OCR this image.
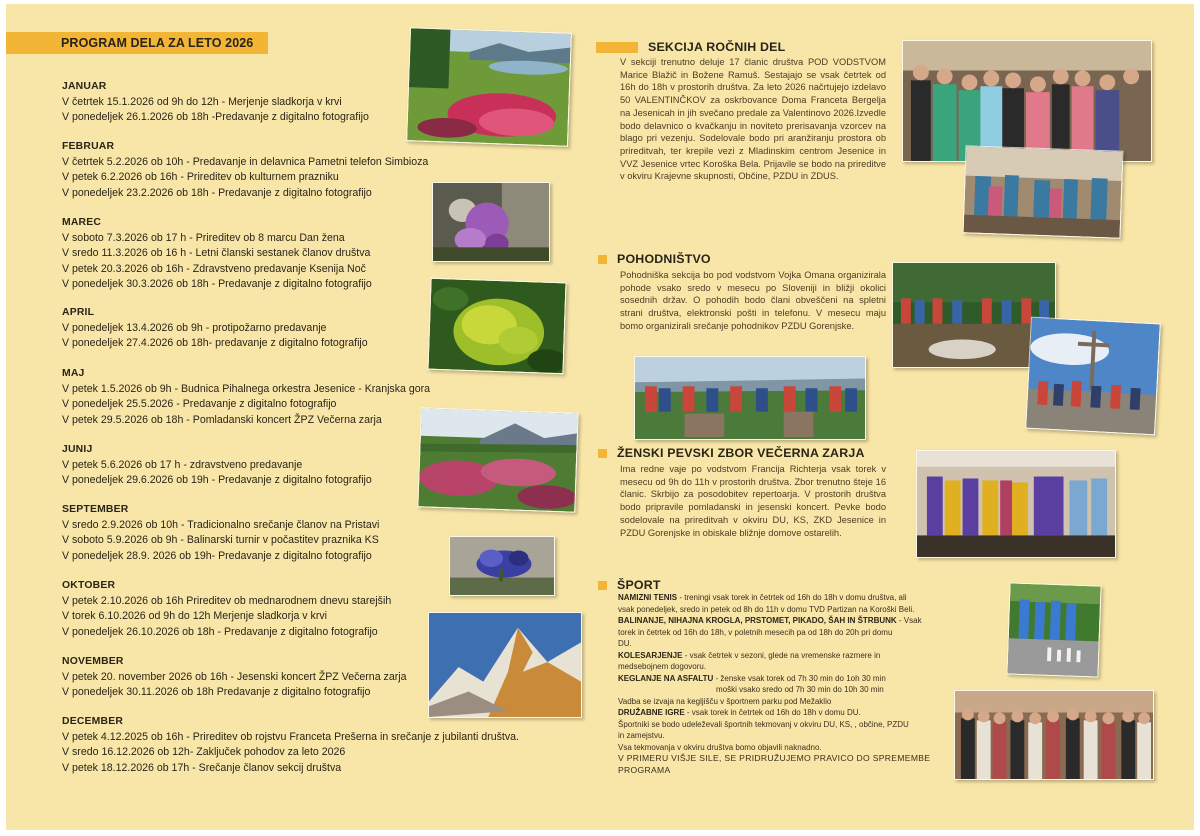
PROGRAM DELA ZA LETO 2026
JANUAR
V četrtek 15.1.2026 od 9h do 12h - Merjenje sladkorja v krvi
V ponedeljek 26.1.2026 ob 18h -Predavanje z digitalno fotografijo
FEBRUAR
V četrtek 5.2.2026 ob 10h - Predavanje in delavnica Pametni telefon Simbioza
V petek 6.2.2026 ob 16h - Prireditev ob kulturnem prazniku
V ponedeljek 23.2.2026 ob 18h - Predavanje z digitalno fotografijo
MAREC
V soboto 7.3.2026 ob 17 h - Prireditev ob 8 marcu Dan žena
V sredo 11.3.2026 ob 16 h - Letni članski sestanek članov društva
V petek 20.3.2026 ob 16h - Zdravstveno predavanje Ksenija Noč
V ponedeljek 30.3.2026 ob 18h - Predavanje z digitalno fotografijo
APRIL
V ponedeljek 13.4.2026 ob 9h - protipožarno predavanje
V ponedeljek 27.4.2026 ob 18h- predavanje z digitalno fotografijo
MAJ
V petek 1.5.2026 ob 9h - Budnica Pihalnega orkestra Jesenice - Kranjska gora
V ponedeljek 25.5.2026 - Predavanje z digitalno fotografijo
V petek 29.5.2026 ob 18h - Pomladanski koncert ŽPZ Večerna zarja
JUNIJ
V petek 5.6.2026 ob 17 h - zdravstveno predavanje
V ponedeljek 29.6.2026 ob 19h - Predavanje z digitalno fotografijo
SEPTEMBER
V sredo 2.9.2026 ob 10h - Tradicionalno srečanje članov na Pristavi
V soboto 5.9.2026 ob 9h - Balinarski turnir v počastitev praznika KS
V ponedeljek 28.9. 2026 ob 19h- Predavanje z digitalno fotografijo
OKTOBER
V petek 2.10.2026 ob 16h Prireditev ob mednarodnem dnevu starejših
V torek 6.10.2026 od 9h do 12h Merjenje sladkorja v krvi
V ponedeljek 26.10.2026 ob 18h - Predavanje z digitalno fotografijo
NOVEMBER
V petek 20. november 2026 ob 16h - Jesenski koncert ŽPZ Večerna zarja
V ponedeljek 30.11.2026 ob 18h Predavanje z digitalno fotografijo
DECEMBER
V petek 4.12.2025 ob 16h - Prireditev ob rojstvu Franceta Prešerna in srečanje z jubilanti društva.
V sredo 16.12.2026 ob 12h- Zaključek pohodov za leto 2026
V petek 18.12.2026 ob 17h - Srečanje članov sekcij društva
SEKCIJA ROČNIH DEL
V sekciji trenutno deluje 17 članic društva POD VODSTVOM Marice Blažič in Božene Ramuš. Sestajajo se vsak četrtek od 16h do 18h v prostorih društva. Za leto 2026 načrtujejo izdelavo 50 VALENTINČKOV za oskrbovance Doma Franceta Bergelja na Jesenicah in jih svečano predale za Valentinovo 2026.Izvedle bodo delavnico o kvačkanju in noviteto prerisavanja vzorcev na blago pri vezenju. Sodelovale bodo pri aranžiranju prostora ob prireditvah, ter krepile vezi z Mladinskim centrom Jesenice in VVZ Jesenice vrtec Koroška Bela. Prijavile se bodo na prireditve v okviru Krajevne skupnosti, Občine, PZDU in ZDUS.
POHODNIŠTVO
Pohodniška sekcija bo pod vodstvom Vojka Omana organizirala pohode vsako sredo v mesecu po Sloveniji in bližji okolici sosednih držav. O pohodih bodo člani obveščeni na spletni strani društva, elektronski pošti in telefonu. V mesecu maju bomo organizirali srečanje pohodnikov PZDU Gorenjske.
ŽENSKI PEVSKI ZBOR VEČERNA ZARJA
Ima redne vaje po vodstvom Francija Richterja vsak torek v mesecu od 9h do 11h v prostorih društva. Zbor trenutno šteje 16 članic. Skrbijo za posodobitev repertoarja. V prostorih društva bodo pripravile pomladanski in jesenski koncert. Pevke bodo sodelovale na prireditvah v okviru DU, KS, ZKD Jesenice in PZDU Gorenjske in obiskale bližnje domove ostarelih.
ŠPORT
NAMIZNI TENIS - treningi vsak torek in četrtek od 16h do 18h v domu društva, ali
vsak ponedeljek, sredo in petek od 8h do 11h v domu TVD Partizan na Koroški Beli.
BALINANJE, NIHAJNA KROGLA, PRSTOMET, PIKADO, ŠAH IN ŠTRBUNK - Vsak
torek in četrtek od 16h do 18h, v poletnih mesecih pa od 18h do 20h pri domu
DU.
KOLESARJENJE - vsak četrtek v sezoni, glede na vremenske razmere in
medsebojnem dogovoru.
KEGLANJE NA ASFALTU - ženske vsak torek od 7h 30 min do 1oh 30 min
moški vsako sredo od 7h 30 min do 10h 30 min
Vadba se izvaja na kegljišču v športnem parku pod Mežaklio
DRUŽABNE IGRE - vsak torek in četrtek od 16h do 18h v domu DU.
Športniki se bodo udeleževali športnih tekmovanj v okviru DU, KS, , občine, PZDU
in zamejstvu.
Vsa tekmovanja v okviru društva bomo objavili naknadno.
V PRIMERU VIŠJE SILE, SE PRIDRUŽUJEMO PRAVICO DO SPREMEMBE
PROGRAMA
